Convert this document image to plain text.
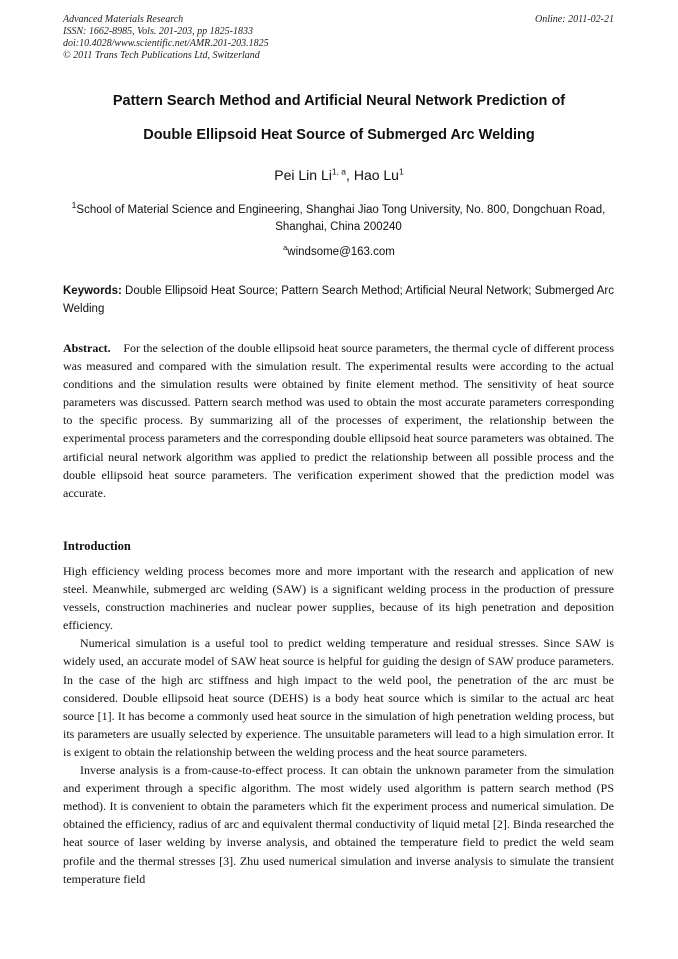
Advanced Materials Research
ISSN: 1662-8985, Vols. 201-203, pp 1825-1833
doi:10.4028/www.scientific.net/AMR.201-203.1825
© 2011 Trans Tech Publications Ltd, Switzerland
Online: 2011-02-21
Pattern Search Method and Artificial Neural Network Prediction of
Double Ellipsoid Heat Source of Submerged Arc Welding
Pei Lin Li$^{1, a}$, Hao Lu$^1$
$^1$School of Material Science and Engineering, Shanghai Jiao Tong University, No. 800, Dongchuan Road, Shanghai, China 200240
$^a$windsome@163.com
Keywords: Double Ellipsoid Heat Source; Pattern Search Method; Artificial Neural Network; Submerged Arc Welding
Abstract. For the selection of the double ellipsoid heat source parameters, the thermal cycle of different process was measured and compared with the simulation result. The experimental results were according to the actual conditions and the simulation results were obtained by finite element method. The sensitivity of heat source parameters was discussed. Pattern search method was used to obtain the most accurate parameters corresponding to the specific process. By summarizing all of the processes of experiment, the relationship between the experimental process parameters and the corresponding double ellipsoid heat source parameters was obtained. The artificial neural network algorithm was applied to predict the relationship between all possible process and the double ellipsoid heat source parameters. The verification experiment showed that the prediction model was accurate.
Introduction

High efficiency welding process becomes more and more important with the research and application of new steel. Meanwhile, submerged arc welding (SAW) is a significant welding process in the production of pressure vessels, construction machineries and nuclear power supplies, because of its high penetration and deposition efficiency.

Numerical simulation is a useful tool to predict welding temperature and residual stresses. Since SAW is widely used, an accurate model of SAW heat source is helpful for guiding the design of SAW produce parameters. In the case of the high arc stiffness and high impact to the weld pool, the penetration of the arc must be considered. Double ellipsoid heat source (DEHS) is a body heat source which is similar to the actual arc heat source [1]. It has become a commonly used heat source in the simulation of high penetration welding process, but its parameters are usually selected by experience. The unsuitable parameters will lead to a high simulation error. It is exigent to obtain the relationship between the welding process and the heat source parameters.

Inverse analysis is a from-cause-to-effect process. It can obtain the unknown parameter from the simulation and experiment through a specific algorithm. The most widely used algorithm is pattern search method (PS method). It is convenient to obtain the parameters which fit the experiment process and numerical simulation. De obtained the efficiency, radius of arc and equivalent thermal conductivity of liquid metal [2]. Binda researched the heat source of laser welding by inverse analysis, and obtained the temperature field to predict the weld seam profile and the thermal stresses [3]. Zhu used numerical simulation and inverse analysis to simulate the transient temperature field
